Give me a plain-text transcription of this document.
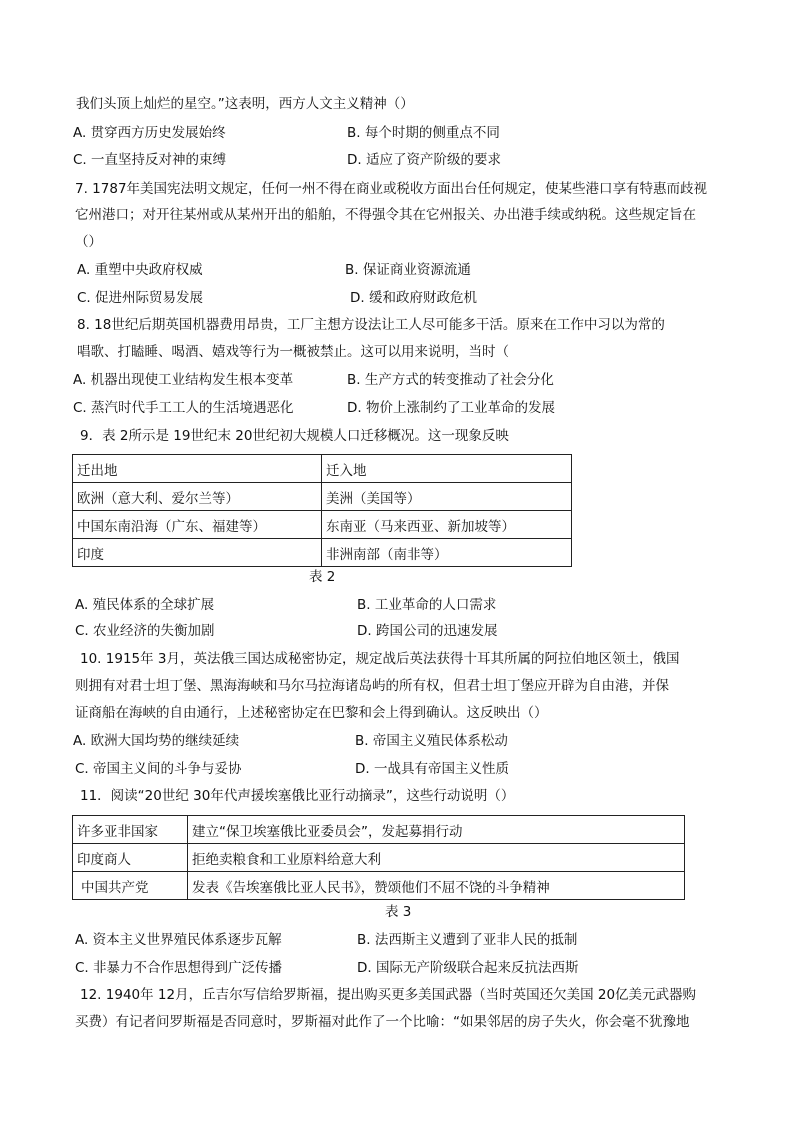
我们头顶上灿烂的星空。”这表明，西方人文主义精神（）
A. 贯穿西方历史发展始终	B. 每个时期的侧重点不同
C. 一直坚持反对神的束缚	D. 适应了资产阶级的要求
7. 1787年美国宪法明文规定，任何一州不得在商业或税收方面出台任何规定，使某些港口享有特惠而歧视
它州港口；对开往某州或从某州开出的船舶，不得强令其在它州报关、办出港手续或纳税。这些规定旨在
（）
A. 重塑中央政府权威	B. 保证商业资源流通
C. 促进州际贸易发展	D. 缓和政府财政危机
8. 18世纪后期英国机器费用昂贵，工厂主想方设法让工人尽可能多干活。原来在工作中习以为常的
唱歌、打瞌睡、喝酒、嬉戏等行为一概被禁止。这可以用来说明，当时（
A. 机器出现使工业结构发生根本变革	B. 生产方式的转变推动了社会分化
C. 蒸汽时代手工工人的生活境遇恶化	D. 物价上涨制约了工业革命的发展
9．表 2所示是 19世纪末 20世纪初大规模人口迁移概况。这一现象反映
迁出地	迁入地
欧洲（意大利、爱尔兰等）	美洲（美国等）
中国东南沿海（广东、福建等）	东南亚（马来西亚、新加坡等）
印度	非洲南部（南非等）
表 2
A. 殖民体系的全球扩展	B. 工业革命的人口需求
C. 农业经济的失衡加剧	D. 跨国公司的迅速发展
10. 1915年 3月，英法俄三国达成秘密协定，规定战后英法获得十耳其所属的阿拉伯地区领土，俄国
则拥有对君士坦丁堡、黑海海峡和马尔马拉海诸岛屿的所有权，但君士坦丁堡应开辟为自由港，并保
证商船在海峡的自由通行，上述秘密协定在巴黎和会上得到确认。这反映出（）
A. 欧洲大国均势的继续延续	B. 帝国主义殖民体系松动
C. 帝国主义间的斗争与妥协	D. 一战具有帝国主义性质
11．阅读“20世纪 30年代声援埃塞俄比亚行动摘录”，这些行动说明（）
许多亚非国家	建立“保卫埃塞俄比亚委员会”，发起募捐行动
印度商人	拒绝卖粮食和工业原料给意大利
中国共产党	发表《告埃塞俄比亚人民书》，赞颂他们不屈不饶的斗争精神
表 3
A. 资本主义世界殖民体系逐步瓦解	B. 法西斯主义遭到了亚非人民的抵制
C. 非暴力不合作思想得到广泛传播	D. 国际无产阶级联合起来反抗法西斯
12. 1940年 12月，丘吉尔写信给罗斯福，提出购买更多美国武器（当时英国还欠美国 20亿美元武器购
买费）有记者问罗斯福是否同意时，罗斯福对此作了一个比喻：“如果邻居的房子失火，你会毫不犹豫地
